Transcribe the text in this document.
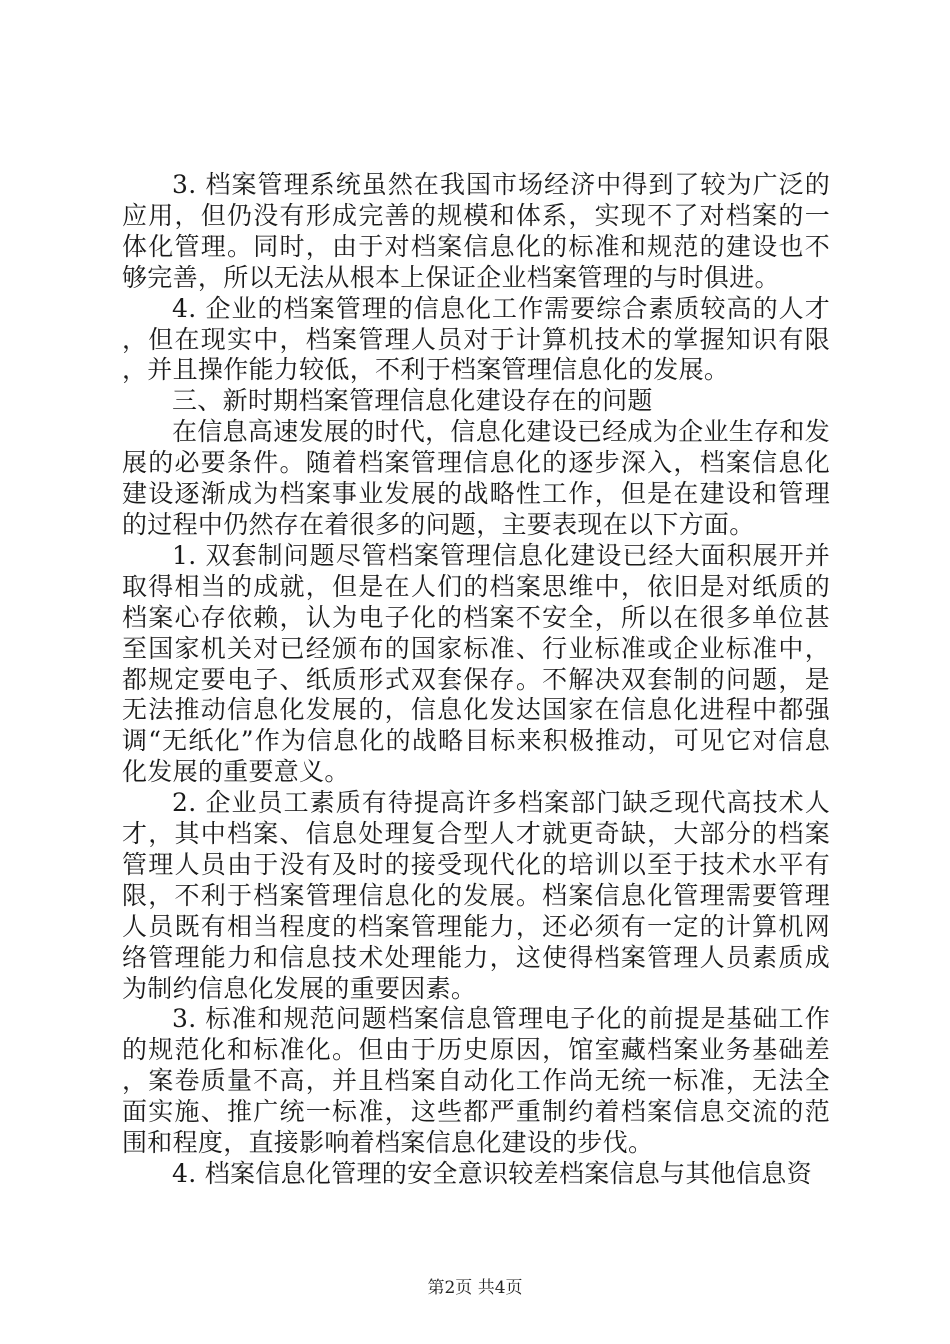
3. 档案管理系统虽然在我国市场经济中得到了较为广泛的应用，但仍没有形成完善的规模和体系，实现不了对档案的一体化管理。同时，由于对档案信息化的标准和规范的建设也不够完善，所以无法从根本上保证企业档案管理的与时俱进。

4. 企业的档案管理的信息化工作需要综合素质较高的人才，但在现实中，档案管理人员对于计算机技术的掌握知识有限，并且操作能力较低，不利于档案管理信息化的发展。

三、新时期档案管理信息化建设存在的问题

在信息高速发展的时代，信息化建设已经成为企业生存和发展的必要条件。随着档案管理信息化的逐步深入，档案信息化建设逐渐成为档案事业发展的战略性工作，但是在建设和管理的过程中仍然存在着很多的问题，主要表现在以下方面。

1. 双套制问题尽管档案管理信息化建设已经大面积展开并取得相当的成就，但是在人们的档案思维中，依旧是对纸质的档案心存依赖，认为电子化的档案不安全，所以在很多单位甚至国家机关对已经颁布的国家标准、行业标准或企业标准中，都规定要电子、纸质形式双套保存。不解决双套制的问题，是无法推动信息化发展的，信息化发达国家在信息化进程中都强调“无纸化”作为信息化的战略目标来积极推动，可见它对信息化发展的重要意义。

2. 企业员工素质有待提高许多档案部门缺乏现代高技术人才，其中档案、信息处理复合型人才就更奇缺，大部分的档案管理人员由于没有及时的接受现代化的培训以至于技术水平有限，不利于档案管理信息化的发展。档案信息化管理需要管理人员既有相当程度的档案管理能力，还必须有一定的计算机网络管理能力和信息技术处理能力，这使得档案管理人员素质成为制约信息化发展的重要因素。

3. 标准和规范问题档案信息管理电子化的前提是基础工作的规范化和标准化。但由于历史原因，馆室藏档案业务基础差，案卷质量不高，并且档案自动化工作尚无统一标准，无法全面实施、推广统一标准，这些都严重制约着档案信息交流的范围和程度，直接影响着档案信息化建设的步伐。

4. 档案信息化管理的安全意识较差档案信息与其他信息资

第2页 共4页
